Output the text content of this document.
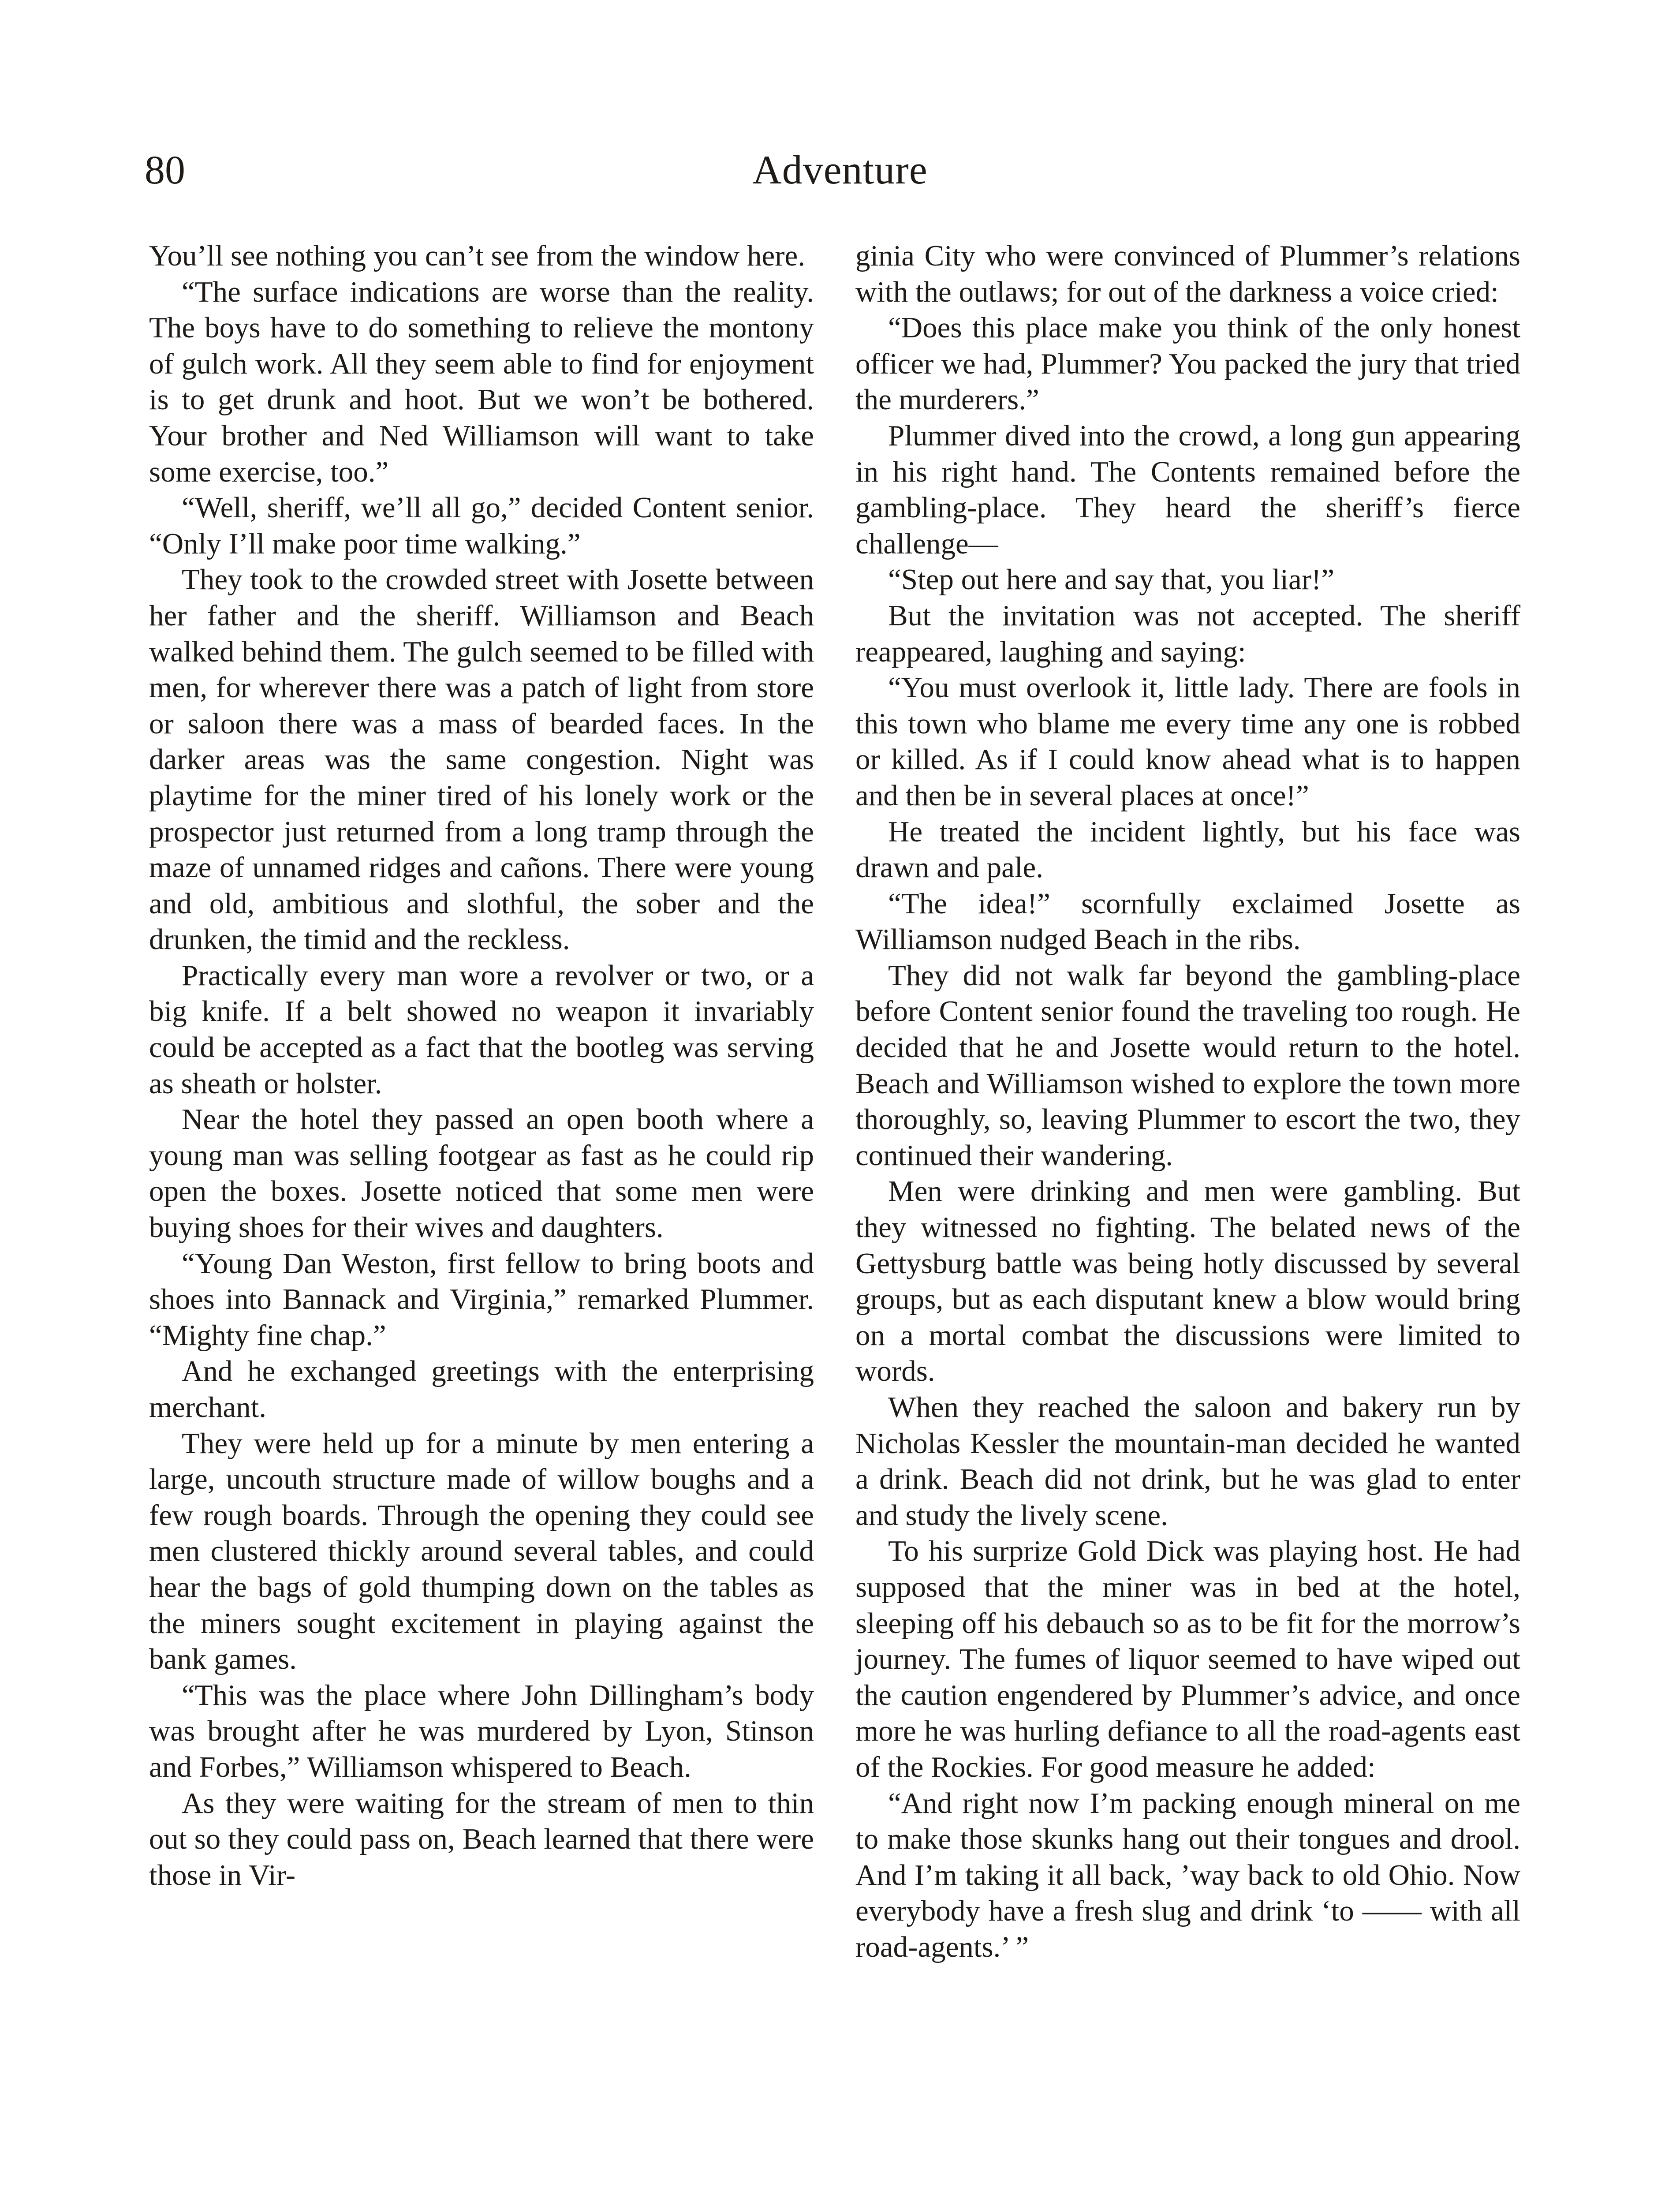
80	Adventure

You’ll see nothing you can’t see from the window here.

“The surface indications are worse than the reality. The boys have to do something to relieve the montony of gulch work. All they seem able to find for enjoyment is to get drunk and hoot. But we won’t be bothered. Your brother and Ned Williamson will want to take some exercise, too.”

“Well, sheriff, we’ll all go,” decided Content senior. “Only I’ll make poor time walking.”

They took to the crowded street with Josette between her father and the sheriff. Williamson and Beach walked behind them. The gulch seemed to be filled with men, for wherever there was a patch of light from store or saloon there was a mass of bearded faces. In the darker areas was the same congestion. Night was playtime for the miner tired of his lonely work or the prospector just returned from a long tramp through the maze of unnamed ridges and cañons. There were young and old, ambitious and slothful, the sober and the drunken, the timid and the reckless.

Practically every man wore a revolver or two, or a big knife. If a belt showed no weapon it invariably could be accepted as a fact that the bootleg was serving as sheath or holster.

Near the hotel they passed an open booth where a young man was selling footgear as fast as he could rip open the boxes. Josette noticed that some men were buying shoes for their wives and daughters.

“Young Dan Weston, first fellow to bring boots and shoes into Bannack and Virginia,” remarked Plummer. “Mighty fine chap.”

And he exchanged greetings with the enterprising merchant.

They were held up for a minute by men entering a large, uncouth structure made of willow boughs and a few rough boards. Through the opening they could see men clustered thickly around several tables, and could hear the bags of gold thumping down on the tables as the miners sought excitement in playing against the bank games.

“This was the place where John Dillingham’s body was brought after he was murdered by Lyon, Stinson and Forbes,” Williamson whispered to Beach.

As they were waiting for the stream of men to thin out so they could pass on, Beach learned that there were those in Vir-

ginia City who were convinced of Plummer’s relations with the outlaws; for out of the darkness a voice cried:

“Does this place make you think of the only honest officer we had, Plummer? You packed the jury that tried the murderers.”

Plummer dived into the crowd, a long gun appearing in his right hand. The Contents remained before the gambling-place. They heard the sheriff’s fierce challenge—

“Step out here and say that, you liar!”

But the invitation was not accepted. The sheriff reappeared, laughing and saying:

“You must overlook it, little lady. There are fools in this town who blame me every time any one is robbed or killed. As if I could know ahead what is to happen and then be in several places at once!”

He treated the incident lightly, but his face was drawn and pale.

“The idea!” scornfully exclaimed Josette as Williamson nudged Beach in the ribs.

They did not walk far beyond the gambling-place before Content senior found the traveling too rough. He decided that he and Josette would return to the hotel. Beach and Williamson wished to explore the town more thoroughly, so, leaving Plummer to escort the two, they continued their wandering.

Men were drinking and men were gambling. But they witnessed no fighting. The belated news of the Gettysburg battle was being hotly discussed by several groups, but as each disputant knew a blow would bring on a mortal combat the discussions were limited to words.

When they reached the saloon and bakery run by Nicholas Kessler the mountain-man decided he wanted a drink. Beach did not drink, but he was glad to enter and study the lively scene.

To his surprize Gold Dick was playing host. He had supposed that the miner was in bed at the hotel, sleeping off his debauch so as to be fit for the morrow’s journey. The fumes of liquor seemed to have wiped out the caution engendered by Plummer’s advice, and once more he was hurling defiance to all the road-agents east of the Rockies. For good measure he added:

“And right now I’m packing enough mineral on me to make those skunks hang out their tongues and drool. And I’m taking it all back, ’way back to old Ohio. Now everybody have a fresh slug and drink ‘to —— with all road-agents.’ ”
